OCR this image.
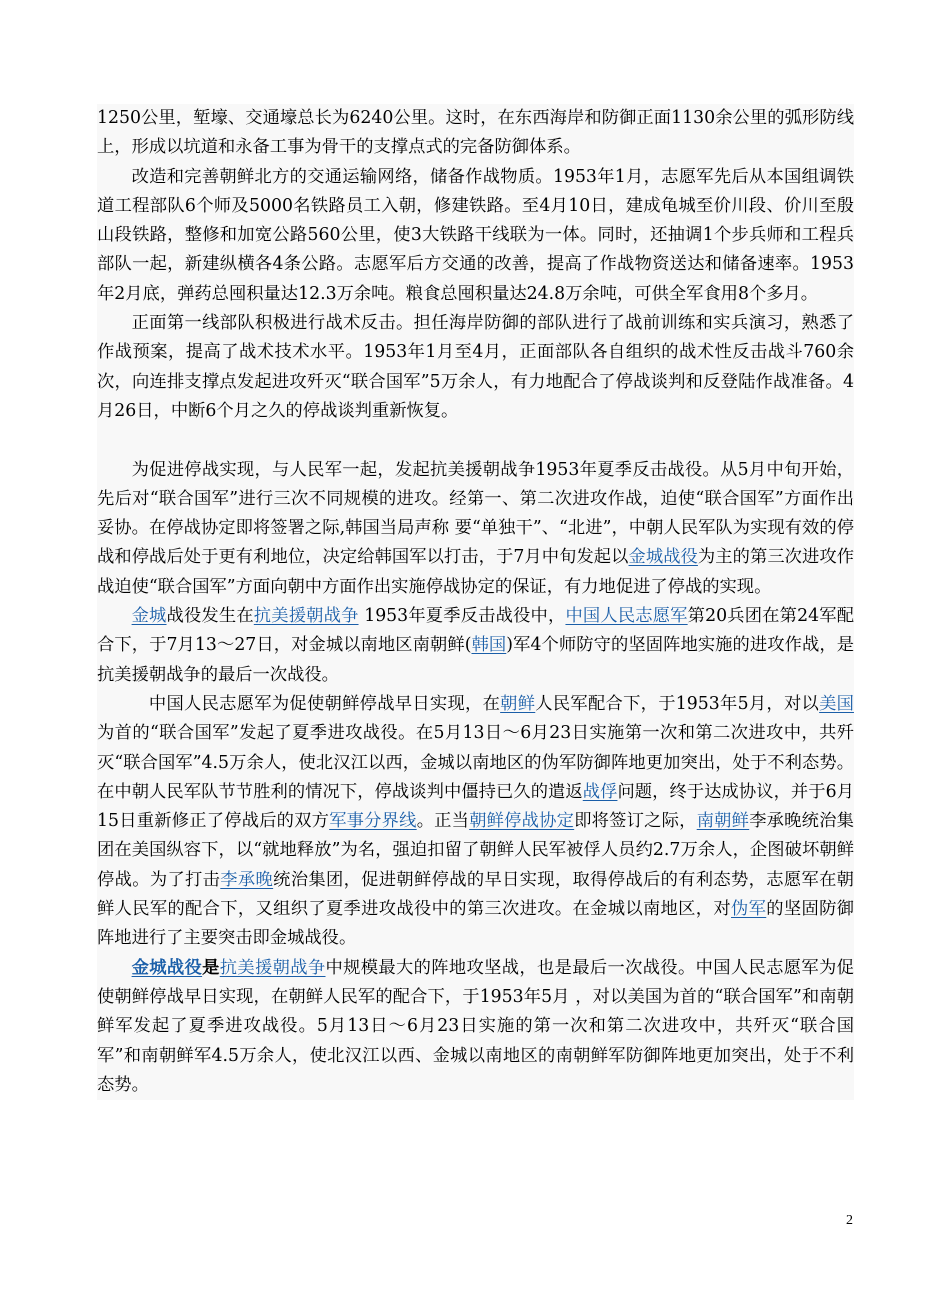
1250公里，堑壕、交通壕总长为6240公里。这时，在东西海岸和防御正面1130余公里的弧形防线上，形成以坑道和永备工事为骨干的支撑点式的完备防御体系。

改造和完善朝鲜北方的交通运输网络，储备作战物质。1953年1月，志愿军先后从本国组调铁道工程部队6个师及5000名铁路员工入朝，修建铁路。至4月10日，建成龟城至价川段、价川至殷山段铁路，整修和加宽公路560公里，使3大铁路干线联为一体。同时，还抽调1个步兵师和工程兵部队一起，新建纵横各4条公路。志愿军后方交通的改善，提高了作战物资送达和储备速率。1953年2月底，弹药总囤积量达12.3万余吨。粮食总囤积量达24.8万余吨，可供全军食用8个多月。

正面第一线部队积极进行战术反击。担任海岸防御的部队进行了战前训练和实兵演习，熟悉了作战预案，提高了战术技术水平。1953年1月至4月，正面部队各自组织的战术性反击战斗760余次，向连排支撑点发起进攻歼灭“联合国军”5万余人，有力地配合了停战谈判和反登陆作战准备。4月26日，中断6个月之久的停战谈判重新恢复。

为促进停战实现，与人民军一起，发起抗美援朝战争1953年夏季反击战役。从5月中旬开始，先后对“联合国军”进行三次不同规模的进攻。经第一、第二次进攻作战，迫使“联合国军”方面作出妥协。在停战协定即将签署之际,韩国当局声称 要“单独干”、“北进”，中朝人民军队为实现有效的停战和停战后处于更有利地位，决定给韩国军以打击，于7月中旬发起以金城战役为主的第三次进攻作战迫使“联合国军”方面向朝中方面作出实施停战协定的保证，有力地促进了停战的实现。

金城战役发生在抗美援朝战争 1953年夏季反击战役中，中国人民志愿军第20兵团在第24军配合下，于7月13～27日，对金城以南地区南朝鲜(韩国)军4个师防守的坚固阵地实施的进攻作战，是抗美援朝战争的最后一次战役。

中国人民志愿军为促使朝鲜停战早日实现，在朝鲜人民军配合下，于1953年5月，对以美国为首的“联合国军”发起了夏季进攻战役。在5月13日～6月23日实施第一次和第二次进攻中，共歼灭“联合国军”4.5万余人，使北汉江以西，金城以南地区的伪军防御阵地更加突出，处于不利态势。在中朝人民军队节节胜利的情况下，停战谈判中僵持已久的遣返战俘问题，终于达成协议，并于6月15日重新修正了停战后的双方军事分界线。正当朝鲜停战协定即将签订之际，南朝鲜李承晚统治集团在美国纵容下，以“就地释放”为名，强迫扣留了朝鲜人民军被俘人员约2.7万余人，企图破坏朝鲜停战。为了打击李承晚统治集团，促进朝鲜停战的早日实现，取得停战后的有利态势，志愿军在朝鲜人民军的配合下，又组织了夏季进攻战役中的第三次进攻。在金城以南地区，对伪军的坚固防御阵地进行了主要突击即金城战役。

金城战役是抗美援朝战争中规模最大的阵地攻坚战，也是最后一次战役。中国人民志愿军为促使朝鲜停战早日实现，在朝鲜人民军的配合下，于1953年5月 ，对以美国为首的“联合国军”和南朝鲜军发起了夏季进攻战役。5月13日～6月23日实施的第一次和第二次进攻中，共歼灭“联合国军”和南朝鲜军4.5万余人，使北汉江以西、金城以南地区的南朝鲜军防御阵地更加突出，处于不利态势。

2
